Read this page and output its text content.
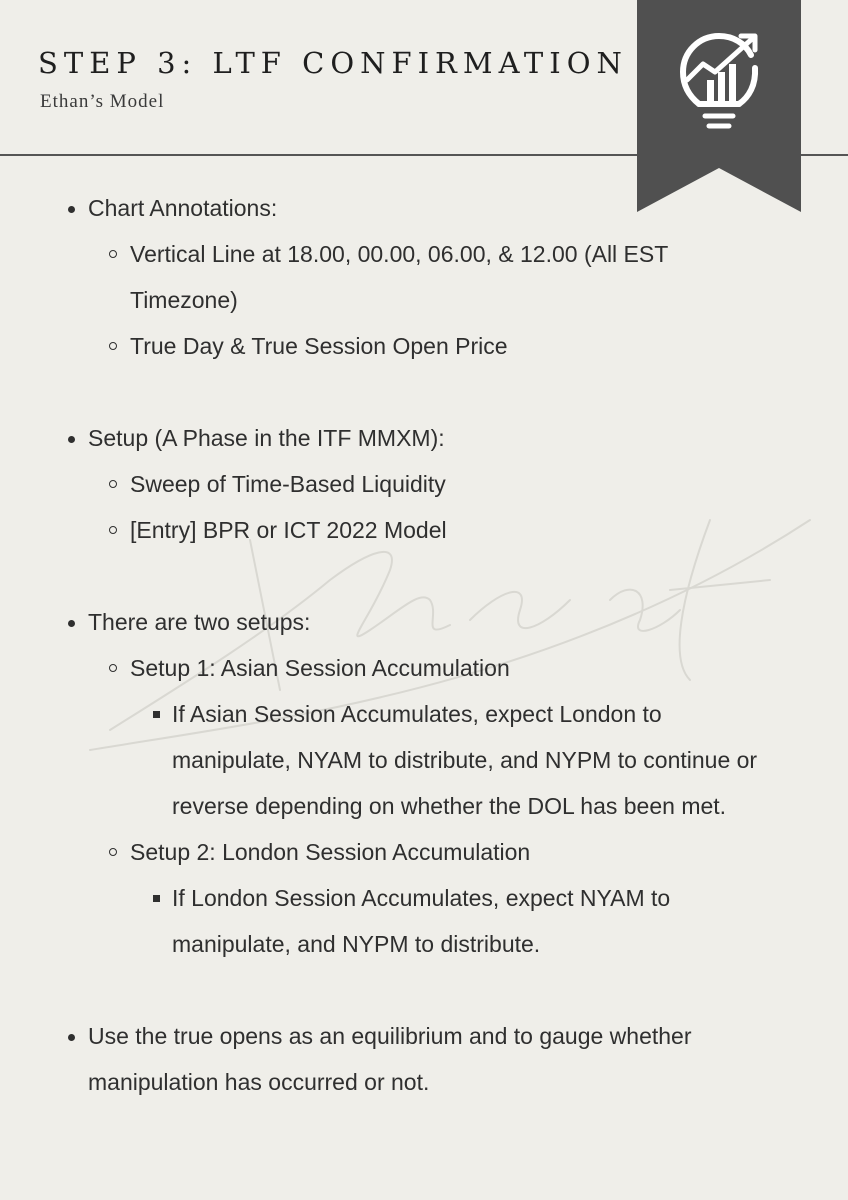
STEP 3: LTF CONFIRMATION
Ethan’s Model

Chart Annotations:

Vertical Line at 18.00, 00.00, 06.00, & 12.00 (All EST Timezone)

True Day & True Session Open Price

Setup (A Phase in the ITF MMXM):

Sweep of Time-Based Liquidity

[Entry] BPR or ICT 2022 Model

There are two setups:

Setup 1: Asian Session Accumulation

If Asian Session Accumulates, expect London to manipulate, NYAM to distribute, and NYPM to continue or reverse depending on whether the DOL has been met.

Setup 2: London Session Accumulation

If London Session Accumulates, expect NYAM to manipulate, and NYPM to distribute.

Use the true opens as an equilibrium and to gauge whether manipulation has occurred or not.
